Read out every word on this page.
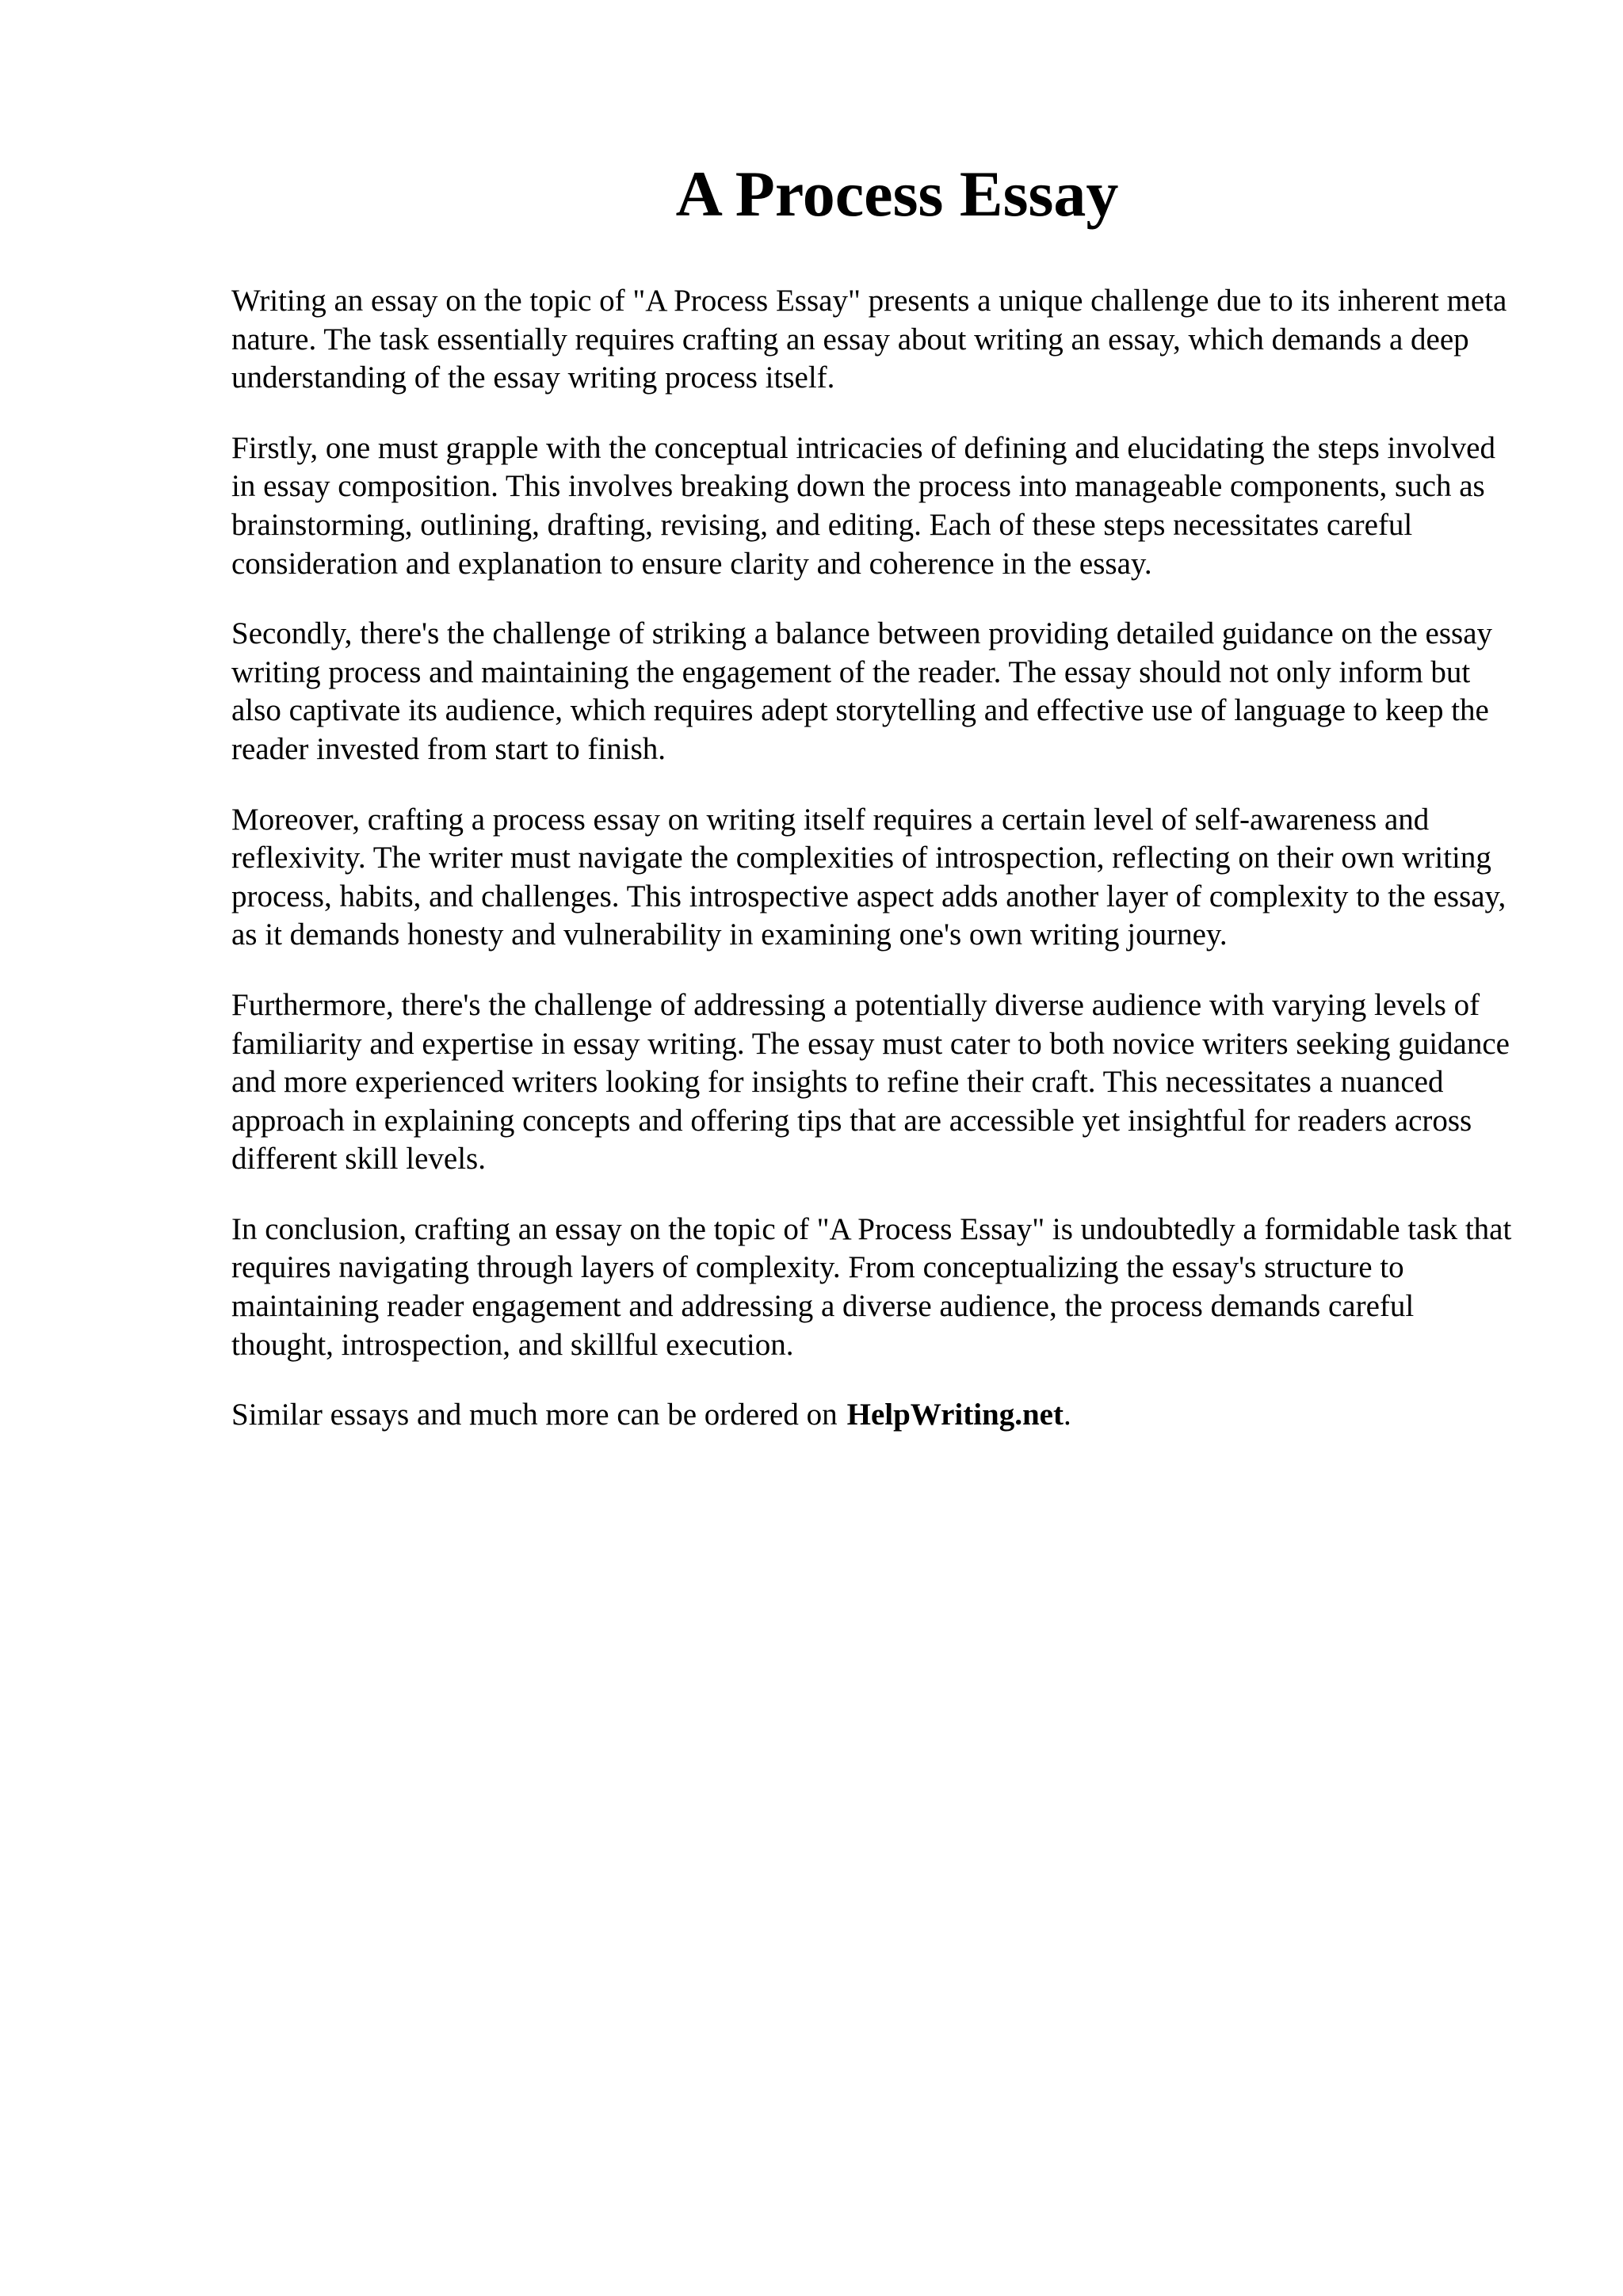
A Process Essay

Writing an essay on the topic of "A Process Essay" presents a unique challenge due to its inherent meta nature. The task essentially requires crafting an essay about writing an essay, which demands a deep understanding of the essay writing process itself.

Firstly, one must grapple with the conceptual intricacies of defining and elucidating the steps involved in essay composition. This involves breaking down the process into manageable components, such as brainstorming, outlining, drafting, revising, and editing. Each of these steps necessitates careful consideration and explanation to ensure clarity and coherence in the essay.

Secondly, there's the challenge of striking a balance between providing detailed guidance on the essay writing process and maintaining the engagement of the reader. The essay should not only inform but also captivate its audience, which requires adept storytelling and effective use of language to keep the reader invested from start to finish.

Moreover, crafting a process essay on writing itself requires a certain level of self-awareness and reflexivity. The writer must navigate the complexities of introspection, reflecting on their own writing process, habits, and challenges. This introspective aspect adds another layer of complexity to the essay, as it demands honesty and vulnerability in examining one's own writing journey.

Furthermore, there's the challenge of addressing a potentially diverse audience with varying levels of familiarity and expertise in essay writing. The essay must cater to both novice writers seeking guidance and more experienced writers looking for insights to refine their craft. This necessitates a nuanced approach in explaining concepts and offering tips that are accessible yet insightful for readers across different skill levels.

In conclusion, crafting an essay on the topic of "A Process Essay" is undoubtedly a formidable task that requires navigating through layers of complexity. From conceptualizing the essay's structure to maintaining reader engagement and addressing a diverse audience, the process demands careful thought, introspection, and skillful execution.

Similar essays and much more can be ordered on HelpWriting.net.
